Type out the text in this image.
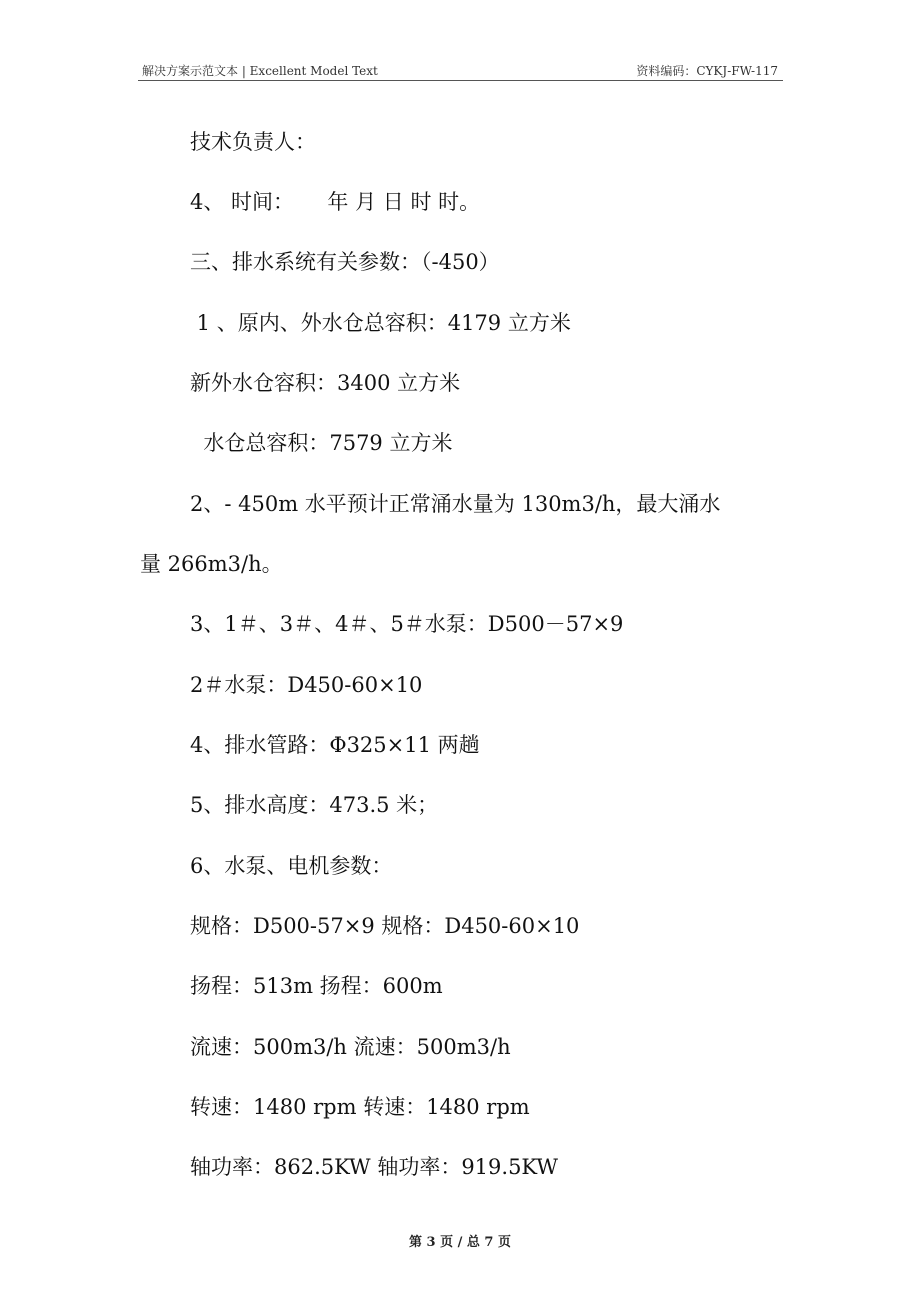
解决方案示范文本 | Excellent Model Text	资料编码：CYKJ-FW-117
技术负责人：
4、 时间：     年 月 日 时 时。
三、排水系统有关参数：（-450）
1 、原内、外水仓总容积：4179 立方米
新外水仓容积：3400 立方米
水仓总容积：7579 立方米
2、- 450m 水平预计正常涌水量为 130m3/h，最大涌水
量 266m3/h。
3、1＃、3＃、4＃、5＃水泵：D500－57×9
2＃水泵：D450-60×10
4、排水管路：Φ325×11 两趟
5、排水高度：473.5 米；
6、水泵、电机参数：
规格：D500-57×9 规格：D450-60×10
扬程：513m 扬程：600m
流速：500m3/h 流速：500m3/h
转速：1480 rpm 转速：1480 rpm
轴功率：862.5KW 轴功率：919.5KW
第 3 页 / 总 7 页
